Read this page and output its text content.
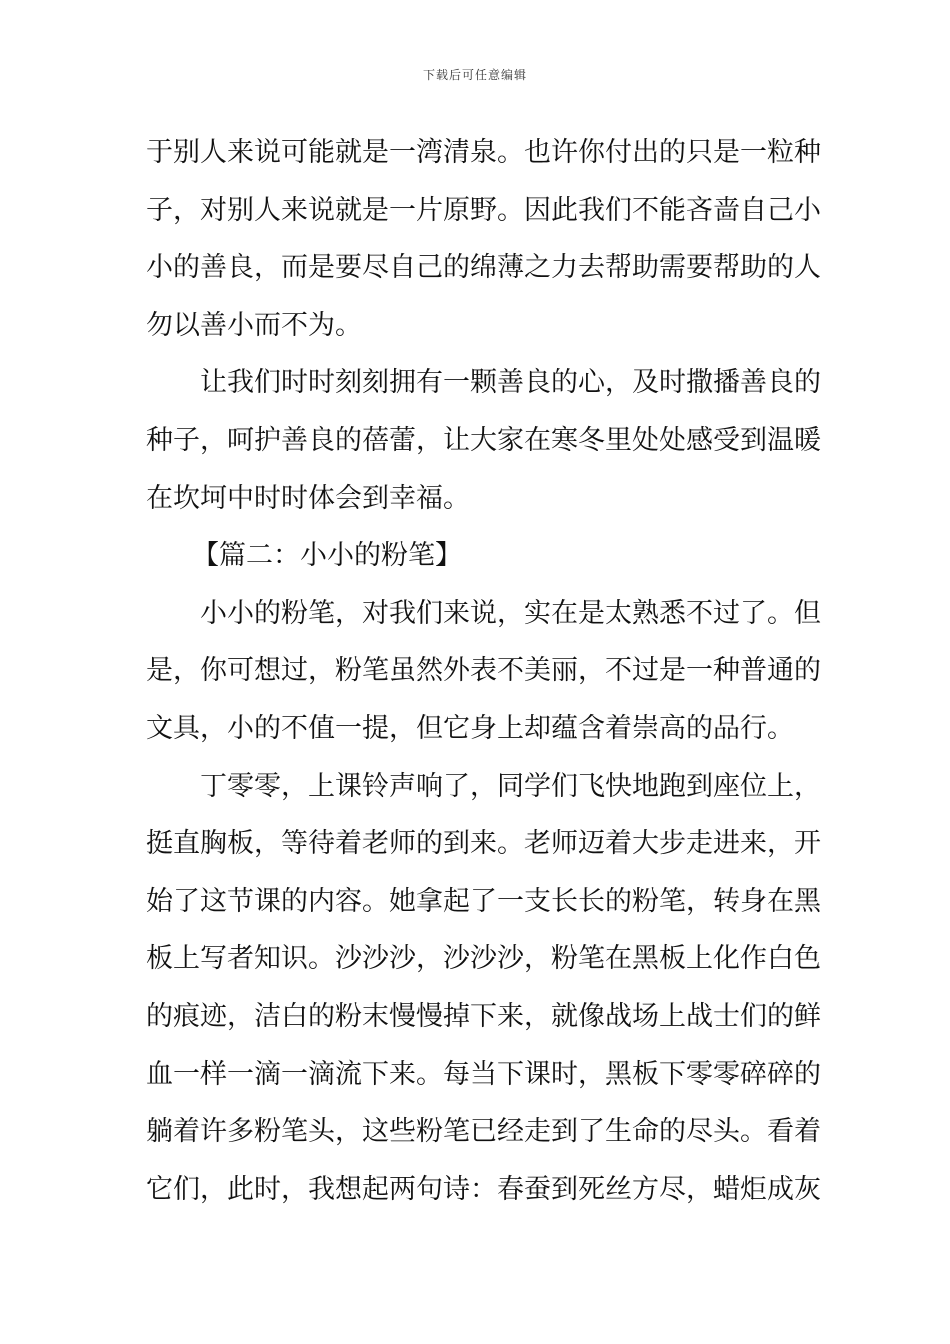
下载后可任意编辑
于别人来说可能就是一湾清泉。也许你付出的只是一粒种
子，对别人来说就是一片原野。因此我们不能吝啬自己小
小的善良，而是要尽自己的绵薄之力去帮助需要帮助的人
勿以善小而不为。
让我们时时刻刻拥有一颗善良的心，及时撒播善良的
种子，呵护善良的蓓蕾，让大家在寒冬里处处感受到温暖
在坎坷中时时体会到幸福。
【篇二：小小的粉笔】
小小的粉笔，对我们来说，实在是太熟悉不过了。但
是，你可想过，粉笔虽然外表不美丽，不过是一种普通的
文具，小的不值一提，但它身上却蕴含着崇高的品行。
丁零零，上课铃声响了，同学们飞快地跑到座位上，
挺直胸板，等待着老师的到来。老师迈着大步走进来，开
始了这节课的内容。她拿起了一支长长的粉笔，转身在黑
板上写者知识。沙沙沙，沙沙沙，粉笔在黑板上化作白色
的痕迹，洁白的粉末慢慢掉下来，就像战场上战士们的鲜
血一样一滴一滴流下来。每当下课时，黑板下零零碎碎的
躺着许多粉笔头，这些粉笔已经走到了生命的尽头。看着
它们，此时，我想起两句诗：春蚕到死丝方尽，蜡炬成灰
